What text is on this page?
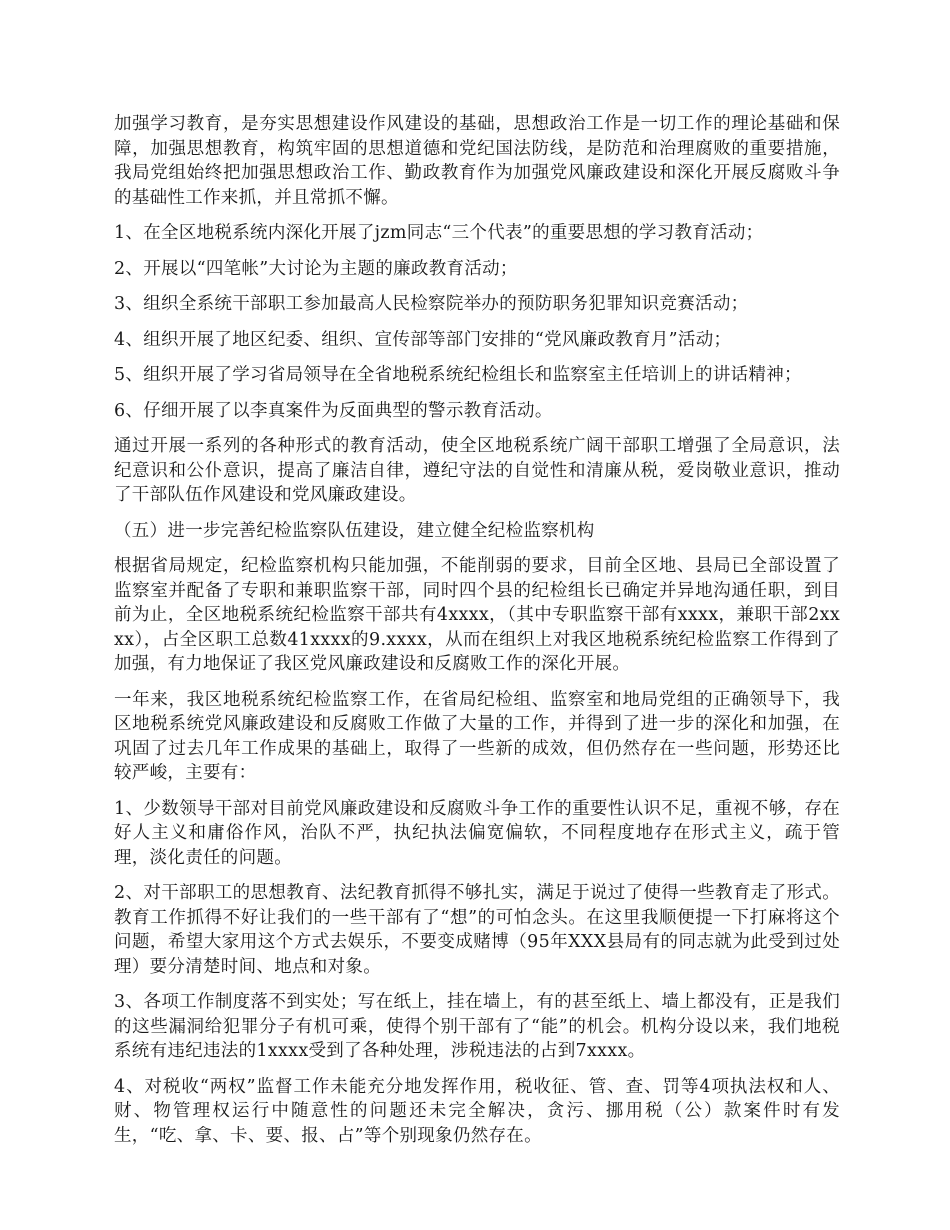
加强学习教育，是夯实思想建设作风建设的基础，思想政治工作是一切工作的理论基础和保障，加强思想教育，构筑牢固的思想道德和党纪国法防线，是防范和治理腐败的重要措施，我局党组始终把加强思想政治工作、勤政教育作为加强党风廉政建设和深化开展反腐败斗争的基础性工作来抓，并且常抓不懈。

1、在全区地税系统内深化开展了jzm同志“三个代表”的重要思想的学习教育活动；

2、开展以“四笔帐”大讨论为主题的廉政教育活动；

3、组织全系统干部职工参加最高人民检察院举办的预防职务犯罪知识竞赛活动；

4、组织开展了地区纪委、组织、宣传部等部门安排的“党风廉政教育月”活动；

5、组织开展了学习省局领导在全省地税系统纪检组长和监察室主任培训上的讲话精神；

6、仔细开展了以李真案件为反面典型的警示教育活动。

通过开展一系列的各种形式的教育活动，使全区地税系统广阔干部职工增强了全局意识，法纪意识和公仆意识，提高了廉洁自律，遵纪守法的自觉性和清廉从税，爱岗敬业意识，推动了干部队伍作风建设和党风廉政建设。

（五）进一步完善纪检监察队伍建设，建立健全纪检监察机构

根据省局规定，纪检监察机构只能加强，不能削弱的要求，目前全区地、县局已全部设置了监察室并配备了专职和兼职监察干部，同时四个县的纪检组长已确定并异地沟通任职，到目前为止，全区地税系统纪检监察干部共有4xxxx，（其中专职监察干部有xxxx，兼职干部2xxxx），占全区职工总数41xxxx的9.xxxx，从而在组织上对我区地税系统纪检监察工作得到了加强，有力地保证了我区党风廉政建设和反腐败工作的深化开展。

一年来，我区地税系统纪检监察工作，在省局纪检组、监察室和地局党组的正确领导下，我区地税系统党风廉政建设和反腐败工作做了大量的工作，并得到了进一步的深化和加强，在巩固了过去几年工作成果的基础上，取得了一些新的成效，但仍然存在一些问题，形势还比较严峻，主要有：

1、少数领导干部对目前党风廉政建设和反腐败斗争工作的重要性认识不足，重视不够，存在好人主义和庸俗作风，治队不严，执纪执法偏宽偏软，不同程度地存在形式主义，疏于管理，淡化责任的问题。

2、对干部职工的思想教育、法纪教育抓得不够扎实，满足于说过了使得一些教育走了形式。教育工作抓得不好让我们的一些干部有了“想”的可怕念头。在这里我顺便提一下打麻将这个问题，希望大家用这个方式去娱乐，不要变成赌博（95年XXX县局有的同志就为此受到过处理）要分清楚时间、地点和对象。

3、各项工作制度落不到实处；写在纸上，挂在墙上，有的甚至纸上、墙上都没有，正是我们的这些漏洞给犯罪分子有机可乘，使得个别干部有了“能”的机会。机构分设以来，我们地税系统有违纪违法的1xxxx受到了各种处理，涉税违法的占到7xxxx。

4、对税收“两权”监督工作未能充分地发挥作用，税收征、管、查、罚等4项执法权和人、财、物管理权运行中随意性的问题还未完全解决，贪污、挪用税（公）款案件时有发生，“吃、拿、卡、要、报、占”等个别现象仍然存在。
